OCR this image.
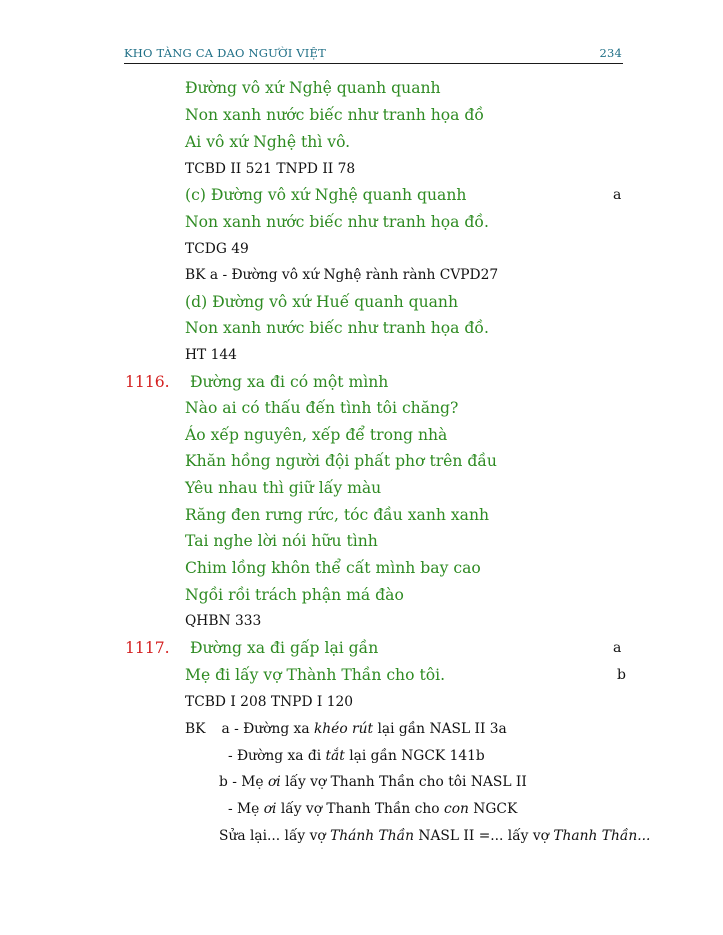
KHO TÀNG CA DAO NGƯỜI VIỆT	234
Đường vô xứ Nghệ quanh quanh
Non xanh nước biếc như tranh họa đồ
Ai vô xứ Nghệ thì vô.
TCBD II 521 TNPD II 78
(c) Đường vô xứ Nghệ quanh quanh	a
Non xanh nước biếc như tranh họa đồ.
TCDG 49
BK a - Đường vô xứ Nghệ rành rành CVPD27
(d) Đường vô xứ Huế quanh quanh
Non xanh nước biếc như tranh họa đồ.
HT 144
1116. Đường xa đi có một mình
Nào ai có thấu đến tình tôi chăng?
Áo xếp nguyên, xếp để trong nhà
Khăn hồng người đội phất phơ trên đầu
Yêu nhau thì giữ lấy màu
Răng đen rưng rức, tóc đầu xanh xanh
Tai nghe lời nói hữu tình
Chim lồng khôn thể cất mình bay cao
Ngồi rồi trách phận má đào
QHBN 333
1117. Đường xa đi gấp lại gần	a
Mẹ đi lấy vợ Thành Thần cho tôi.	b
TCBD I 208 TNPD I 120
BK a - Đường xa khéo rút lại gần NASL II 3a
- Đường xa đi tắt lại gần NGCK 141b
b - Mẹ ơi lấy vợ Thanh Thần cho tôi NASL II
- Mẹ ơi lấy vợ Thanh Thần cho con NGCK
Sửa lại... lấy vợ Thánh Thần NASL II =... lấy vợ Thanh Thần...
